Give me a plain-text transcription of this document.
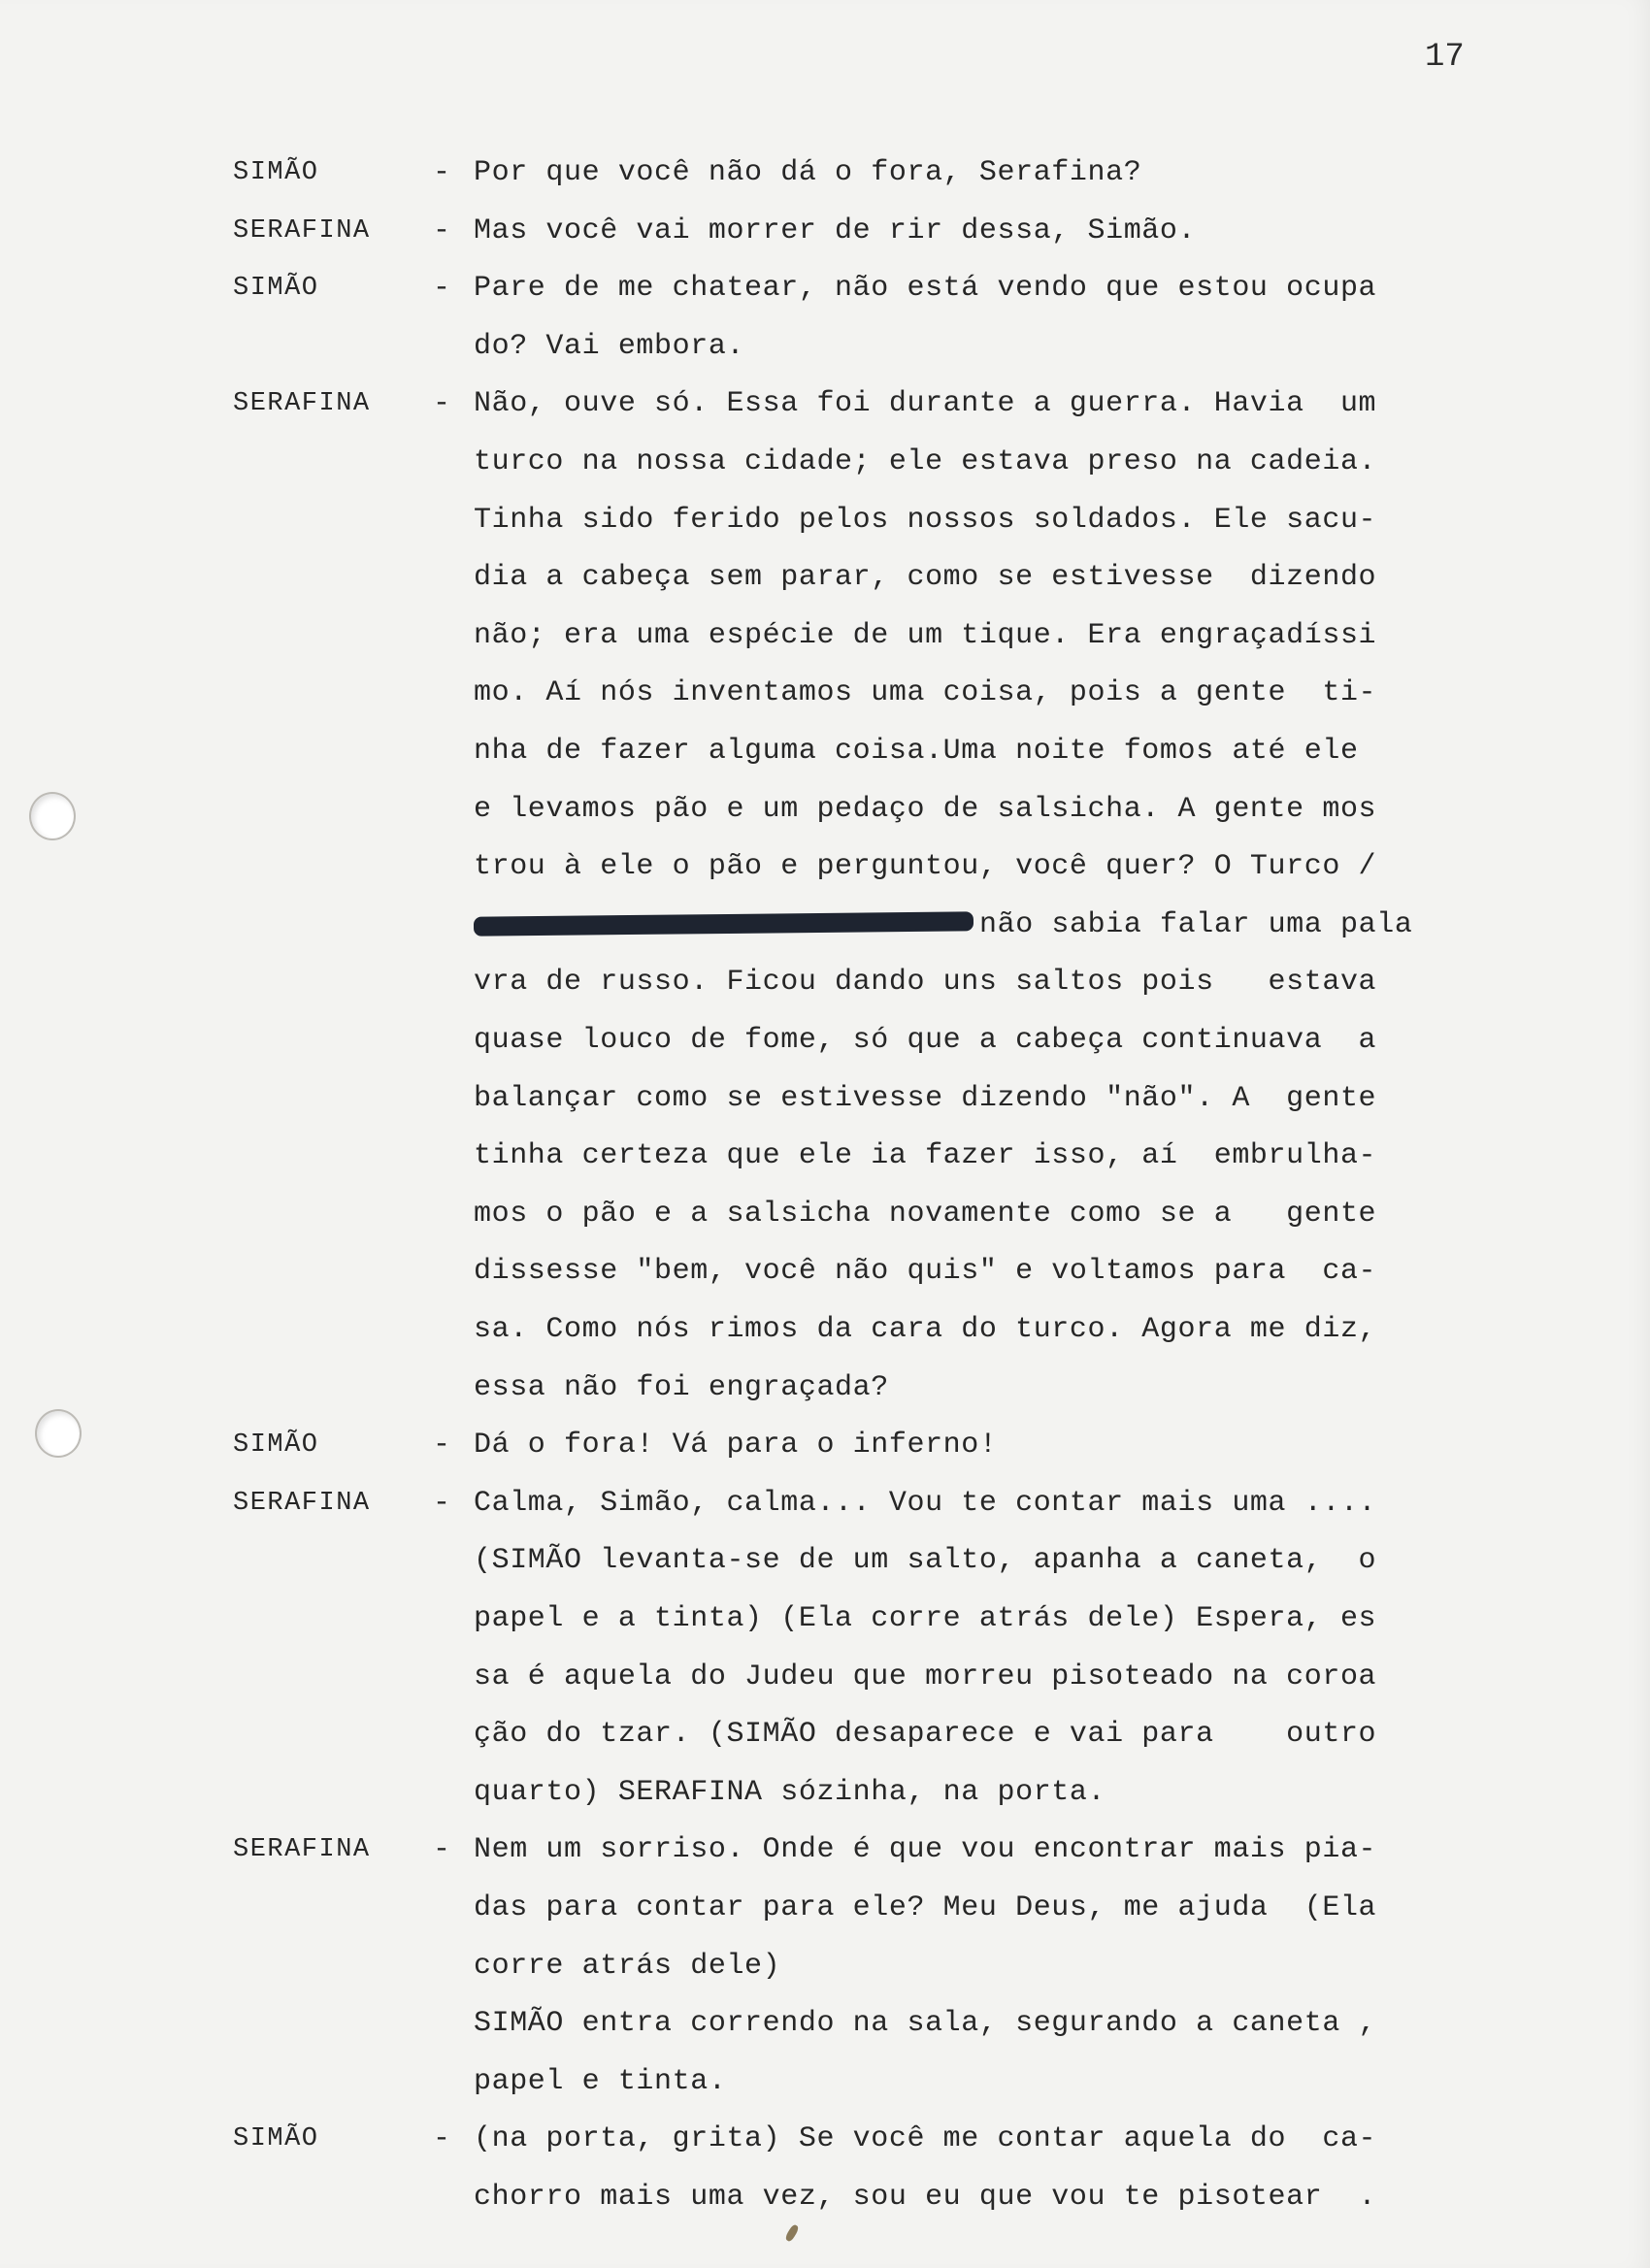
17
SIMÃO	- Por que você não dá o fora, Serafina?
SERAFINA - Mas você vai morrer de rir dessa, Simão.
SIMÃO	- Pare de me chatear, não está vendo que estou ocupa
do? Vai embora.
SERAFINA - Não, ouve só. Essa foi durante a guerra. Havia  um
turco na nossa cidade; ele estava preso na cadeia.
Tinha sido ferido pelos nossos soldados. Ele sacu-
dia a cabeça sem parar, como se estivesse  dizendo
não; era uma espécie de um tique. Era engraçadíssi
mo. Aí nós inventamos uma coisa, pois a gente  ti-
nha de fazer alguma coisa.Uma noite fomos até ele
e levamos pão e um pedaço de salsicha. A gente mos
trou à ele o pão e perguntou, você quer? O Turco /
não sabia falar uma pala
vra de russo. Ficou dando uns saltos pois   estava
quase louco de fome, só que a cabeça continuava  a
balançar como se estivesse dizendo "não". A  gente
tinha certeza que ele ia fazer isso, aí  embrulha-
mos o pão e a salsicha novamente como se a   gente
dissesse "bem, você não quis" e voltamos para  ca-
sa. Como nós rimos da cara do turco. Agora me diz,
essa não foi engraçada?
SIMÃO	- Dá o fora! Vá para o inferno!
SERAFINA - Calma, Simão, calma... Vou te contar mais uma ....
(SIMÃO levanta-se de um salto, apanha a caneta,  o
papel e a tinta) (Ela corre atrás dele) Espera, es
sa é aquela do Judeu que morreu pisoteado na coroa
ção do tzar. (SIMÃO desaparece e vai para    outro
quarto) SERAFINA sózinha, na porta.
SERAFINA - Nem um sorriso. Onde é que vou encontrar mais pia-
das para contar para ele? Meu Deus, me ajuda  (Ela
corre atrás dele)
SIMÃO entra correndo na sala, segurando a caneta ,
papel e tinta.
SIMÃO	- (na porta, grita) Se você me contar aquela do  ca-
chorro mais uma vez, sou eu que vou te pisotear  .
